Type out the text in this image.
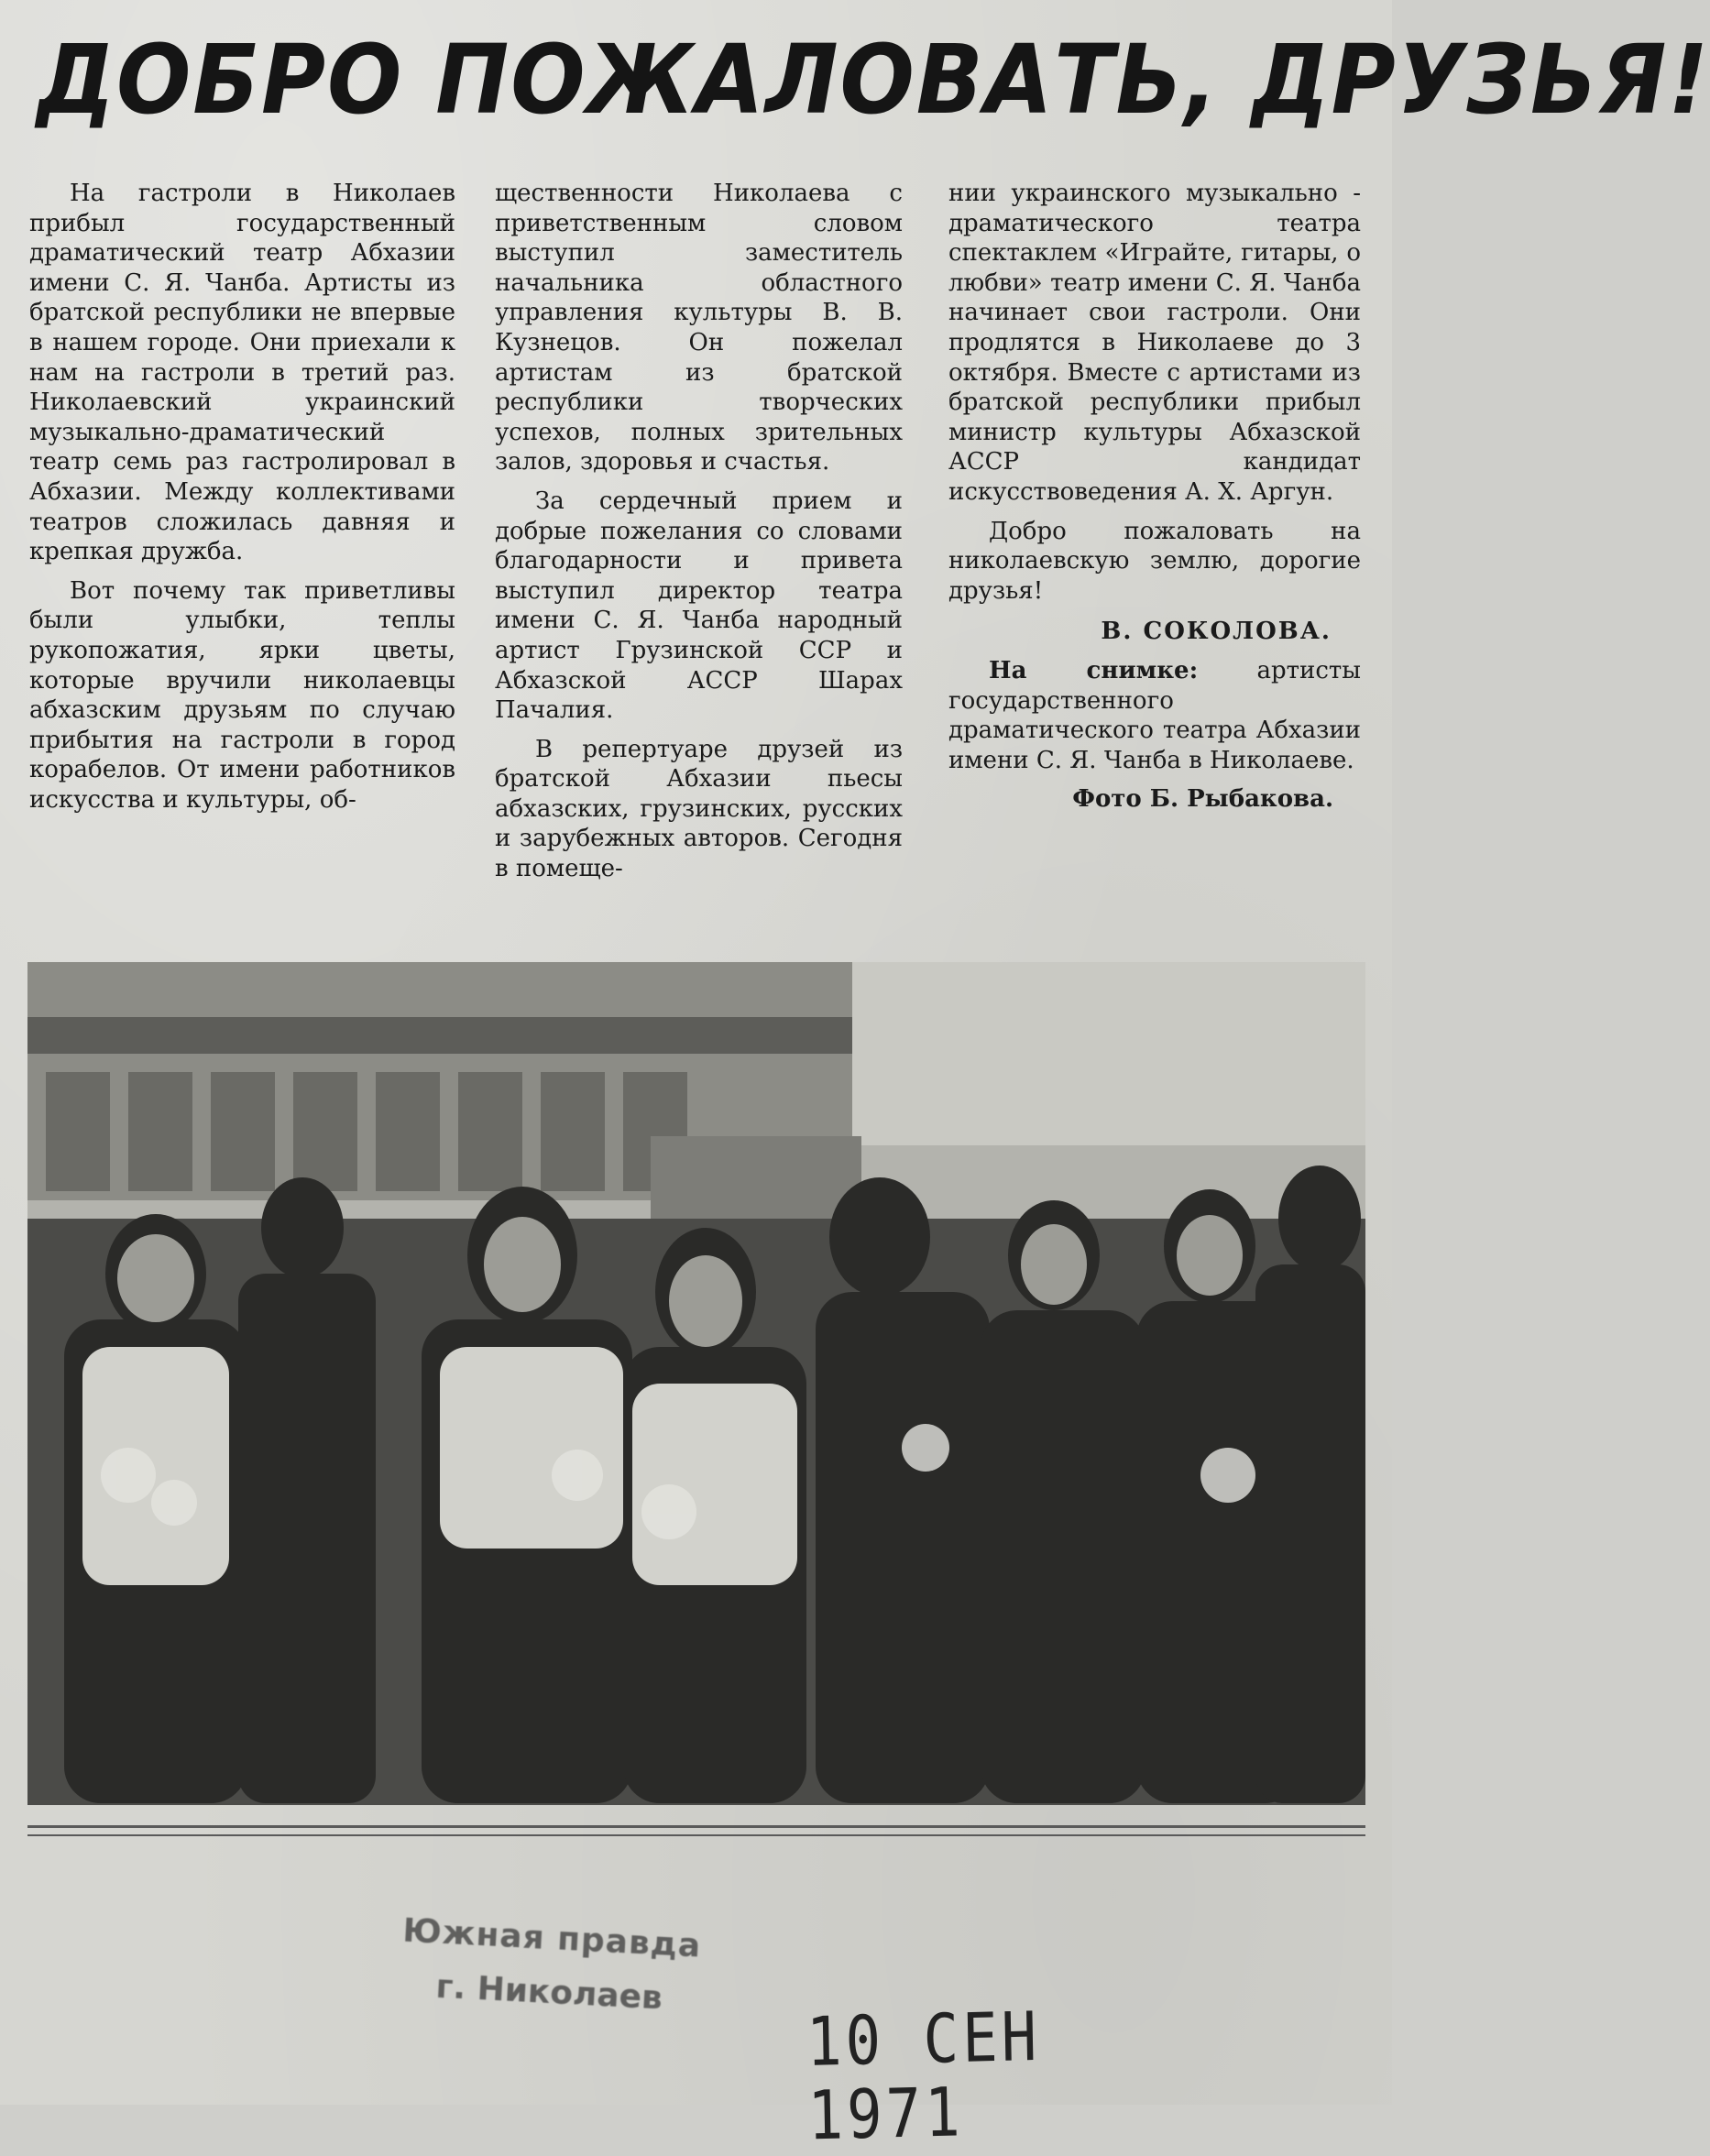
ДОБРО ПОЖАЛОВАТЬ, ДРУЗЬЯ!

На гастроли в Николаев прибыл государственный драматический театр Абхазии имени С. Я. Чанба. Артисты из братской республики не впервые в нашем городе. Они приехали к нам на гастроли в третий раз. Николаевский украинский музыкально-драматический театр семь раз гастролировал в Абхазии. Между коллективами театров сложилась давняя и крепкая дружба.

Вот почему так приветливы были улыбки, теплы рукопожатия, ярки цветы, которые вручили николаевцы абхазским друзьям по случаю прибытия на гастроли в город корабелов. От имени работников искусства и культуры, об-

щественности Николаева с приветственным словом выступил заместитель начальника областного управления культуры В. В. Кузнецов. Он пожелал артистам из братской республики творческих успехов, полных зрительных залов, здоровья и счастья.

За сердечный прием и добрые пожелания со словами благодарности и привета выступил директор театра имени С. Я. Чанба народный артист Грузинской ССР и Абхазской АССР Шарах Пачалия.

В репертуаре друзей из братской Абхазии пьесы абхазских, грузинских, русских и зарубежных авторов. Сегодня в помеще-

нии украинского музыкально - драматического театра спектаклем «Играйте, гитары, о любви» театр имени С. Я. Чанба начинает свои гастроли. Они продлятся в Николаеве до 3 октября. Вместе с артистами из братской республики прибыл министр культуры Абхазской АССР кандидат искусствоведения А. Х. Аргун.

Добро пожаловать на николаевскую землю, дорогие друзья!

В. СОКОЛОВА.

На снимке: артисты государственного драматического театра Абхазии имени С. Я. Чанба в Николаеве.

Фото Б. Рыбакова.

Южная правда
г. Николаев
10 СЕН 1971
